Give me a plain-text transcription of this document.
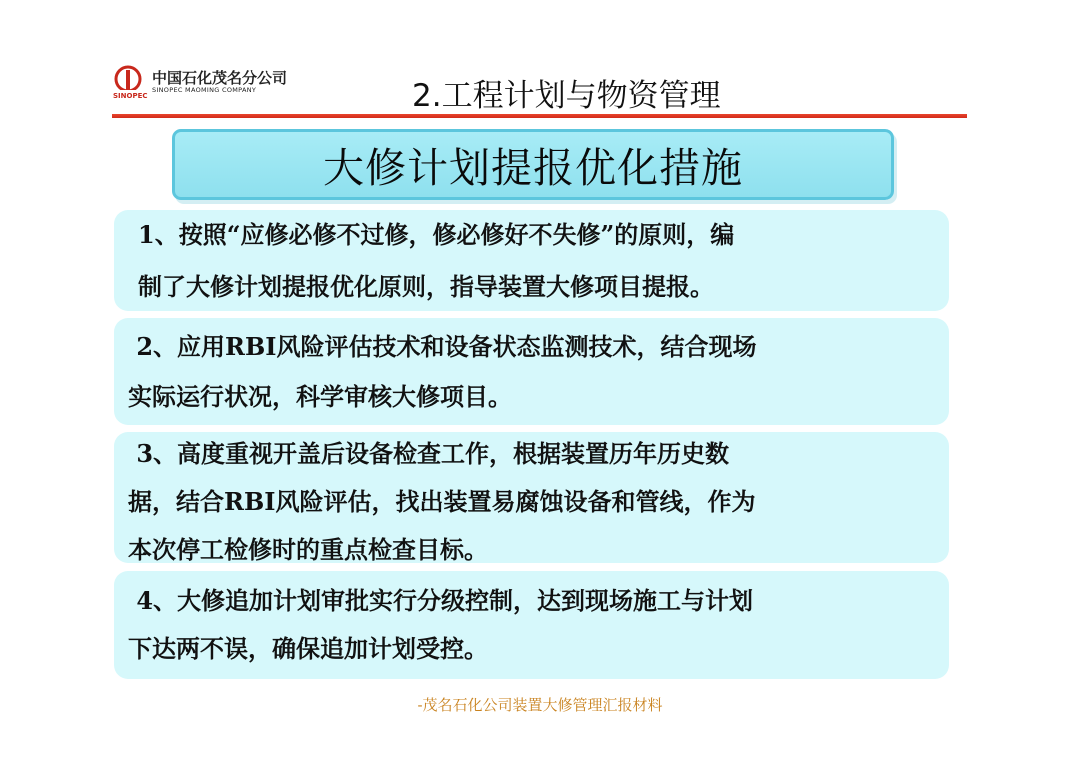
SINOPEC
中国石化茂名分公司
SINOPEC MAOMING COMPANY	2.工程计划与物资管理
大修计划提报优化措施
1、按照“应修必修不过修，修必修好不失修”的原则，编
制了大修计划提报优化原则，指导装置大修项目提报。
2、应用RBI风险评估技术和设备状态监测技术，结合现场
实际运行状况，科学审核大修项目。
3、高度重视开盖后设备检查工作，根据装置历年历史数
据，结合RBI风险评估，找出装置易腐蚀设备和管线，作为
本次停工检修时的重点检查目标。
4、大修追加计划审批实行分级控制，达到现场施工与计划
下达两不误，确保追加计划受控。
-茂名石化公司装置大修管理汇报材料
